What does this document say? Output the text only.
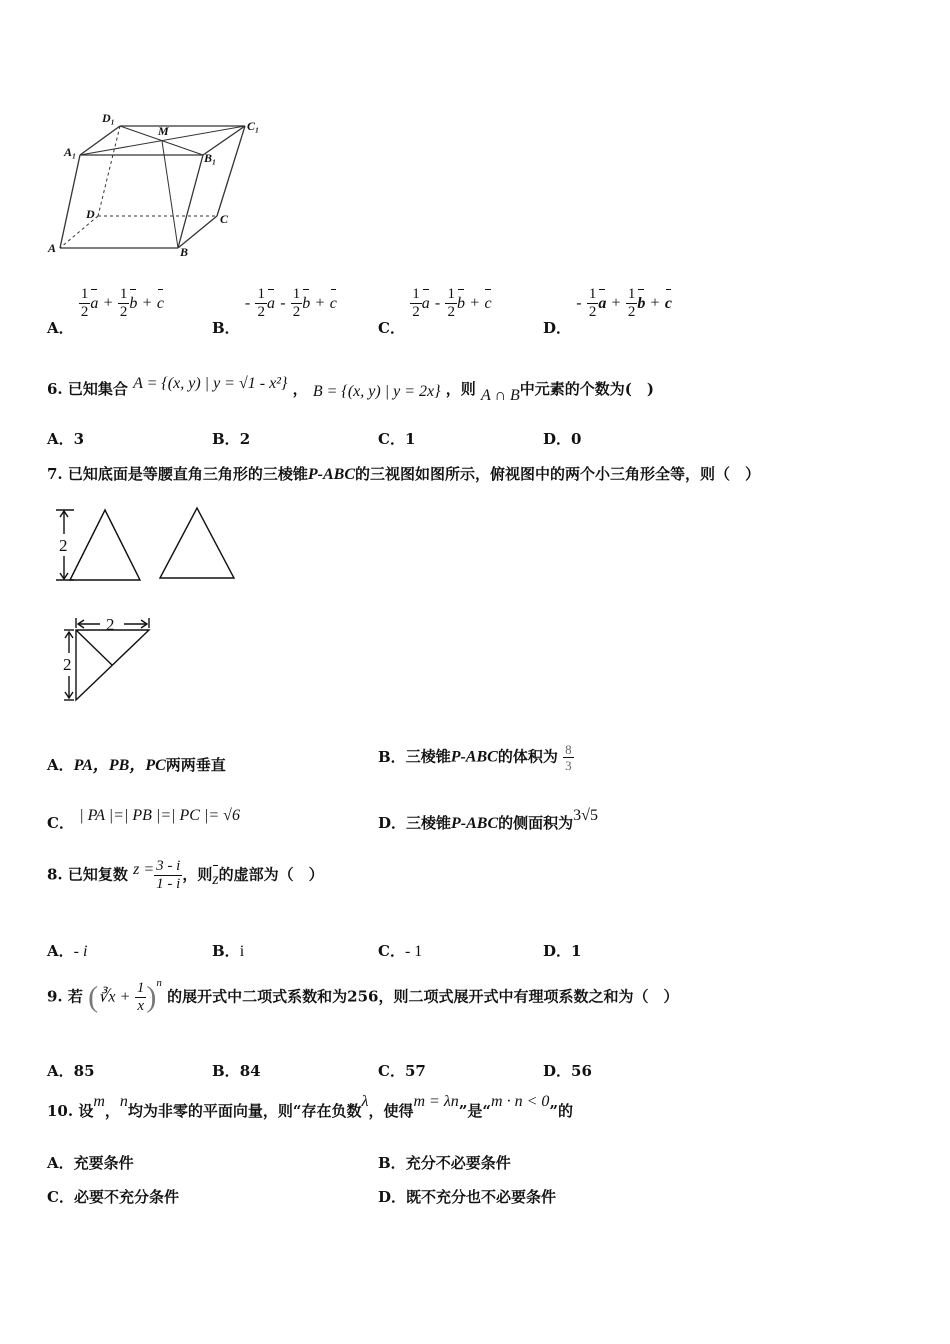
D₁
M	C₁
A₁	B₁
D	C
A	B
A．
$\frac{1}{2}$ $a + \frac{1}{2}$ b + c
B． - $\frac{1}{2}$ a - $\frac{1}{2}$ b + c
C．
$\frac{1}{2}$ a - $\frac{1}{2}$ b + c
D． - $\frac{1}{2}$ $a + \frac{1}{2}$ b + c
6. 已知集合 A = {(x, y) | y = √1 - x²} ， B = {(x, y) | y = 2x} ，则 A ∩ B中元素的个数为(　)
A．3	B．2	C．1	D．0
7. 已知底面是等腰直角三角形的三棱锥P-ABC的三视图如图所示，俯视图中的两个小三角形全等，则（　）
2
2
2
A．PA，PB，PC两两垂直	B．三棱锥P-ABC的体积为 $\frac{8}{3}$
C． | PA |=| PB |=| PC |= √6	D．三棱锥P-ABC的侧面积为3√5
8. 已知复数 $z = \frac{3 - i}{1 - i}$ ，则z的虚部为（　）
A．- i	B．i	C．- 1	D．1
9. 若 (∛x + $\frac{1}{x} )^n$ 的展开式中二项式系数和为256，则二项式展开式中有理项系数之和为（　）
A．85	B．84	C．57	D．56
10. 设m，n均为非零的平面向量，则“存在负数λ，使得m = λn”是“m · n < 0”的
A．充要条件	B．充分不必要条件
C．必要不充分条件	D．既不充分也不必要条件
